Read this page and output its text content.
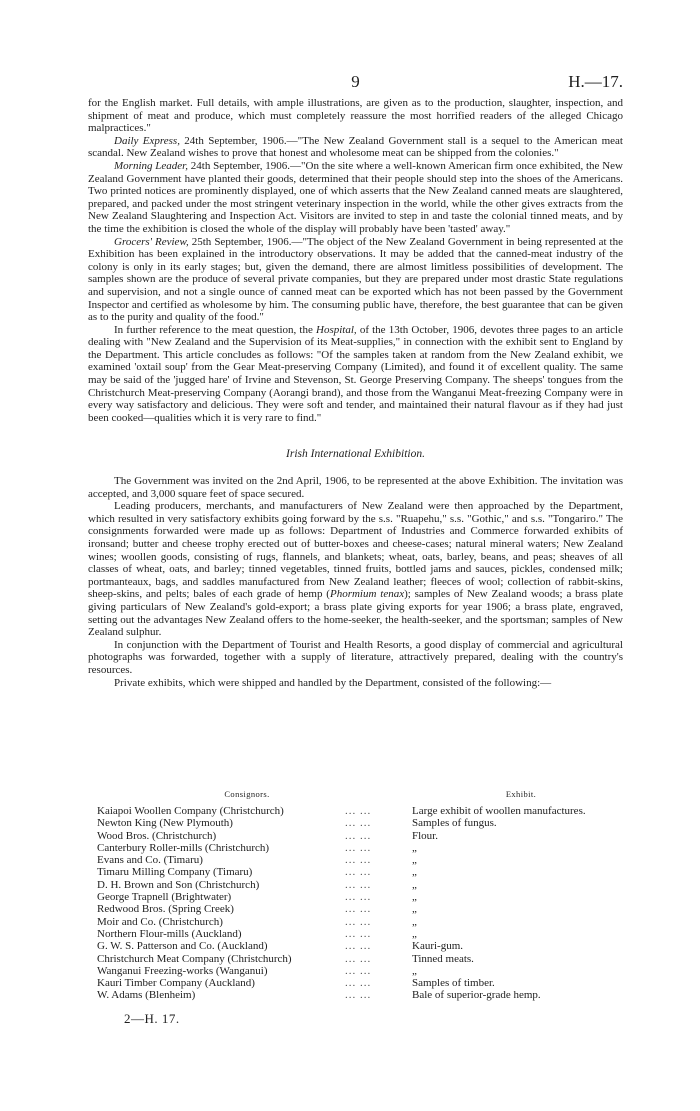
9	H.—17.

for the English market. Full details, with ample illustrations, are given as to the production, slaughter, inspection, and shipment of meat and produce, which must completely reassure the most horrified readers of the alleged Chicago malpractices."

Daily Express, 24th September, 1906.—"The New Zealand Government stall is a sequel to the American meat scandal. New Zealand wishes to prove that honest and wholesome meat can be shipped from the colonies."

Morning Leader, 24th September, 1906.—"On the site where a well-known American firm once exhibited, the New Zealand Government have planted their goods, determined that their people should step into the shoes of the Americans. Two printed notices are prominently displayed, one of which asserts that the New Zealand canned meats are slaughtered, prepared, and packed under the most stringent veterinary inspection in the world, while the other gives extracts from the New Zealand Slaughtering and Inspection Act. Visitors are invited to step in and taste the colonial tinned meats, and by the time the exhibition is closed the whole of the display will probably have been 'tasted' away."

Grocers' Review, 25th September, 1906.—"The object of the New Zealand Government in being represented at the Exhibition has been explained in the introductory observations. It may be added that the canned-meat industry of the colony is only in its early stages; but, given the demand, there are almost limitless possibilities of development. The samples shown are the produce of several private companies, but they are prepared under most drastic State regulations and supervision, and not a single ounce of canned meat can be exported which has not been passed by the Government Inspector and certified as wholesome by him. The consuming public have, therefore, the best guarantee that can be given as to the purity and quality of the food."

In further reference to the meat question, the Hospital, of the 13th October, 1906, devotes three pages to an article dealing with "New Zealand and the Supervision of its Meat-supplies," in connection with the exhibit sent to England by the Department. This article concludes as follows: "Of the samples taken at random from the New Zealand exhibit, we examined 'oxtail soup' from the Gear Meat-preserving Company (Limited), and found it of excellent quality. The same may be said of the 'jugged hare' of Irvine and Stevenson, St. George Preserving Company. The sheeps' tongues from the Christchurch Meat-preserving Company (Aorangi brand), and those from the Wanganui Meat-freezing Company were in every way satisfactory and delicious. They were soft and tender, and maintained their natural flavour as if they had just been cooked—qualities which it is very rare to find."

Irish International Exhibition.

The Government was invited on the 2nd April, 1906, to be represented at the above Exhibition. The invitation was accepted, and 3,000 square feet of space secured.

Leading producers, merchants, and manufacturers of New Zealand were then approached by the Department, which resulted in very satisfactory exhibits going forward by the s.s. "Ruapehu," s.s. "Gothic," and s.s. "Tongariro." The consignments forwarded were made up as follows: Department of Industries and Commerce forwarded exhibits of ironsand; butter and cheese trophy erected out of butter-boxes and cheese-cases; natural mineral waters; New Zealand wines; woollen goods, consisting of rugs, flannels, and blankets; wheat, oats, barley, beans, and peas; sheaves of all classes of wheat, oats, and barley; tinned vegetables, tinned fruits, bottled jams and sauces, pickles, condensed milk; portmanteaux, bags, and saddles manufactured from New Zealand leather; fleeces of wool; collection of rabbit-skins, sheep-skins, and pelts; bales of each grade of hemp (Phormium tenax); samples of New Zealand woods; a brass plate giving particulars of New Zealand's gold-export; a brass plate giving exports for year 1906; a brass plate, engraved, setting out the advantages New Zealand offers to the home-seeker, the health-seeker, and the sportsman; samples of New Zealand sulphur.

In conjunction with the Department of Tourist and Health Resorts, a good display of commercial and agricultural photographs was forwarded, together with a supply of literature, attractively prepared, dealing with the country's resources.

Private exhibits, which were shipped and handled by the Department, consisted of the following:—

Consignors.	Exhibit.
Kaiapoi Woollen Company (Christchurch)	... ...	Large exhibit of woollen manufactures.
Newton King (New Plymouth)	... ...	Samples of fungus.
Wood Bros. (Christchurch)	... ...	Flour.
Canterbury Roller-mills (Christchurch)	... ...	„
Evans and Co. (Timaru)	... ...	„
Timaru Milling Company (Timaru)	... ...	„
D. H. Brown and Son (Christchurch)	... ...	„
George Trapnell (Brightwater)	... ...	„
Redwood Bros. (Spring Creek)	... ...	„
Moir and Co. (Christchurch)	... ...	„
Northern Flour-mills (Auckland)	... ...	„
G. W. S. Patterson and Co. (Auckland)	... ...	Kauri-gum.
Christchurch Meat Company (Christchurch)	... ...	Tinned meats.
Wanganui Freezing-works (Wanganui)	... ...	„
Kauri Timber Company (Auckland)	... ...	Samples of timber.
W. Adams (Blenheim)	... ...	Bale of superior-grade hemp.
2—H. 17.
